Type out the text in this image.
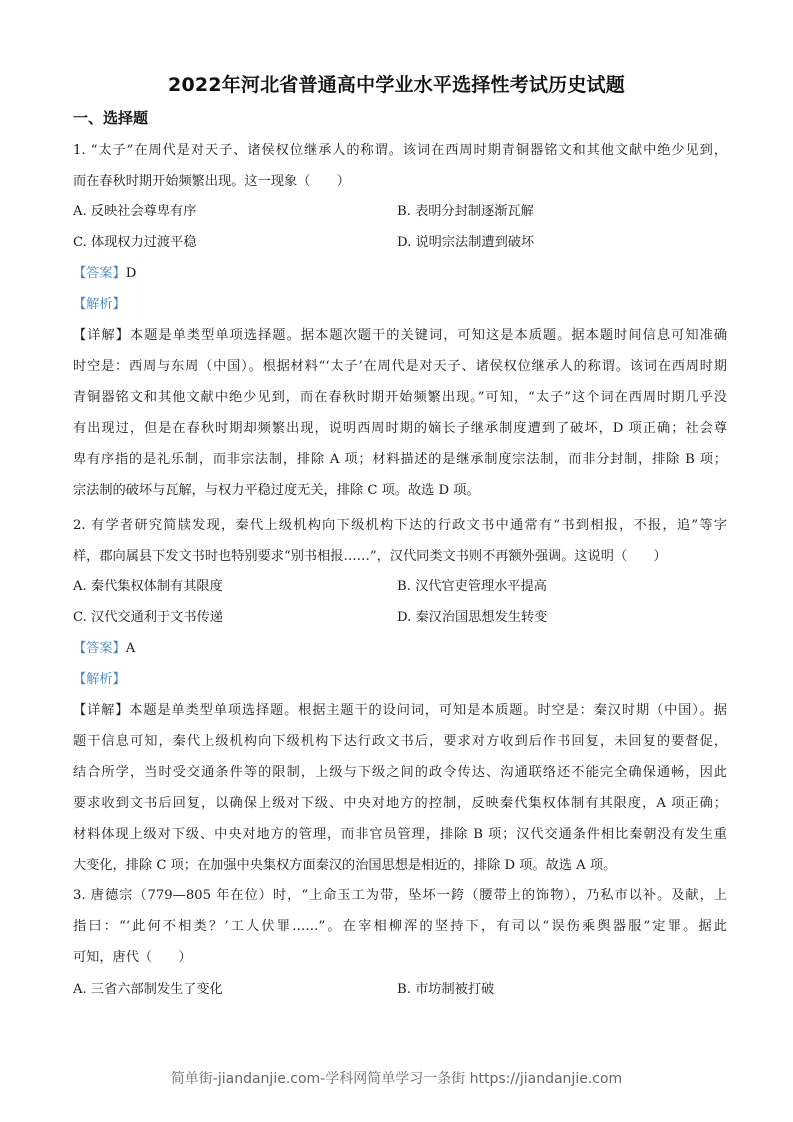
2022年河北省普通高中学业水平选择性考试历史试题
一、选择题
1. “太子”在周代是对天子、诸侯权位继承人的称谓。该词在西周时期青铜器铭文和其他文献中绝少见到，
而在春秋时期开始频繁出现。这一现象（　　）
A. 反映社会尊卑有序	B. 表明分封制逐渐瓦解
C. 体现权力过渡平稳	D. 说明宗法制遭到破坏
【答案】D
【解析】
【详解】本题是单类型单项选择题。据本题次题干的关键词，可知这是本质题。据本题时间信息可知准确
时空是：西周与东周（中国）。根据材料“‘太子’在周代是对天子、诸侯权位继承人的称谓。该词在西周时期
青铜器铭文和其他文献中绝少见到，而在春秋时期开始频繁出现。”可知，“太子”这个词在西周时期几乎没
有出现过，但是在春秋时期却频繁出现，说明西周时期的嫡长子继承制度遭到了破坏，D 项正确；社会尊
卑有序指的是礼乐制，而非宗法制，排除 A 项；材料描述的是继承制度宗法制，而非分封制，排除 B 项；
宗法制的破坏与瓦解，与权力平稳过度无关，排除 C 项。故选 D 项。
2. 有学者研究简牍发现，秦代上级机构向下级机构下达的行政文书中通常有“书到相报，不报，追”等字
样，郡向属县下发文书时也特别要求“别书相报……”，汉代同类文书则不再额外强调。这说明（　　）
A. 秦代集权体制有其限度	B. 汉代官吏管理水平提高
C. 汉代交通利于文书传递	D. 秦汉治国思想发生转变
【答案】A
【解析】
【详解】本题是单类型单项选择题。根据主题干的设问词，可知是本质题。时空是：秦汉时期（中国）。据
题干信息可知，秦代上级机构向下级机构下达行政文书后，要求对方收到后作书回复，未回复的要督促，
结合所学，当时受交通条件等的限制，上级与下级之间的政令传达、沟通联络还不能完全确保通畅，因此
要求收到文书后回复，以确保上级对下级、中央对地方的控制，反映秦代集权体制有其限度，A 项正确；
材料体现上级对下级、中央对地方的管理，而非官员管理，排除 B 项；汉代交通条件相比秦朝没有发生重
大变化，排除 C 项；在加强中央集权方面秦汉的治国思想是相近的，排除 D 项。故选 A 项。
3. 唐德宗（779—805 年在位）时，“上命玉工为带，坠坏一銙（腰带上的饰物），乃私市以补。及献，上
指曰：“‘此何不相类？’工人伏罪……”。在宰相柳浑的坚持下，有司以“误伤乘舆器服”定罪。据此
可知，唐代（　　）
A. 三省六部制发生了变化	B. 市坊制被打破
简单街-jiandanjie.com-学科网简单学习一条街 https://jiandanjie.com
